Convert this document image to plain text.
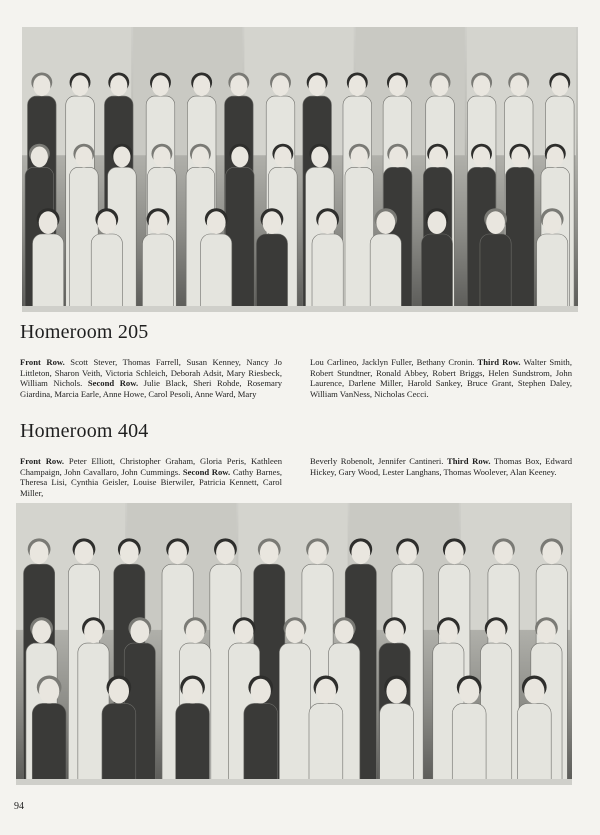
Homeroom 205
Front Row. Scott Stever, Thomas Farrell, Susan Kenney, Nancy Jo Littleton, Sharon Veith, Victoria Schleich, Deborah Adsit, Mary Riesbeck, William Nichols. Second Row. Julie Black, Sheri Rohde, Rosemary Giardina, Marcia Earle, Anne Howe, Carol Pesoli, Anne Ward, Mary
Lou Carlineo, Jacklyn Fuller, Bethany Cronin. Third Row. Walter Smith, Robert Stundtner, Ronald Abbey, Robert Briggs, Helen Sundstrom, John Laurence, Darlene Miller, Harold Sankey, Bruce Grant, Stephen Daley, William VanNess, Nicholas Cecci.
Homeroom 404
Front Row. Peter Elliott, Christopher Graham, Gloria Peris, Kathleen Champaign, John Cavallaro, John Cummings. Second Row. Cathy Barnes, Theresa Lisi, Cynthia Geisler, Louise Bierwiler, Patricia Kennett, Carol Miller,
Beverly Robenolt, Jennifer Cantineri. Third Row. Thomas Box, Edward Hickey, Gary Wood, Lester Langhans, Thomas Woolever, Alan Keeney.
94
